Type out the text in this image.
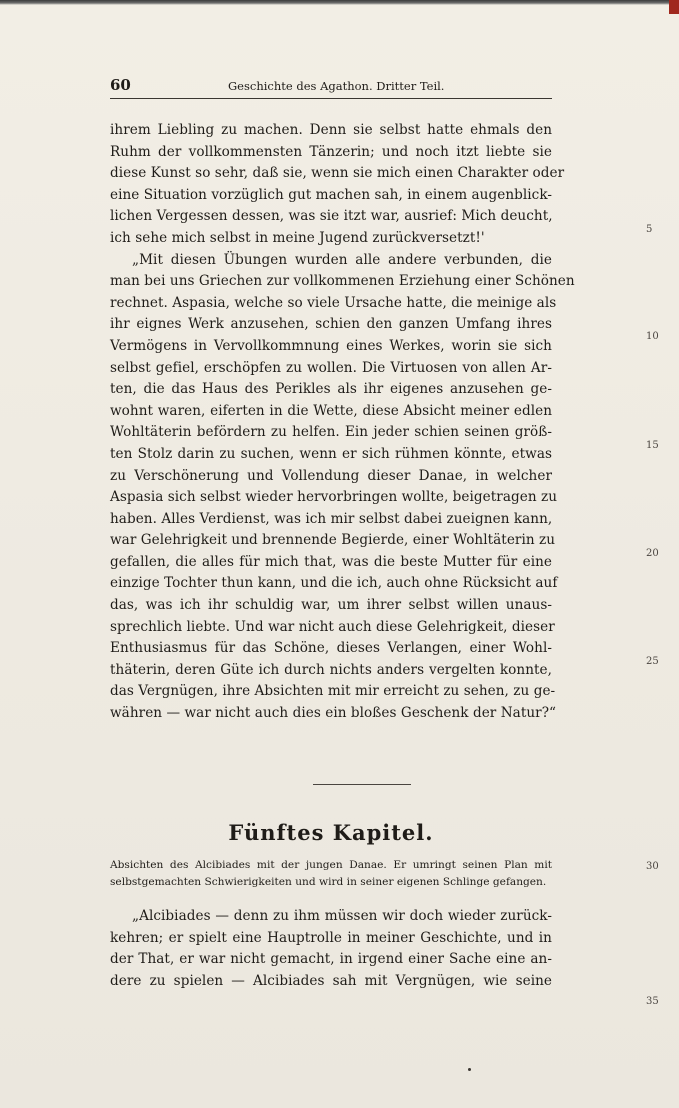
60	Geschichte des Agathon. Dritter Teil.
ihrem Liebling zu machen. Denn sie selbst hatte ehmals den
Ruhm der vollkommensten Tänzerin; und noch itzt liebte sie
diese Kunst so sehr, daß sie, wenn sie mich einen Charakter oder
eine Situation vorzüglich gut machen sah, in einem augenblick-
lichen Vergessen dessen, was sie itzt war, ausrief: Mich deucht,
ich sehe mich selbst in meine Jugend zurückversetzt!'
„Mit diesen Übungen wurden alle andere verbunden, die
man bei uns Griechen zur vollkommenen Erziehung einer Schönen
rechnet. Aspasia, welche so viele Ursache hatte, die meinige als
ihr eignes Werk anzusehen, schien den ganzen Umfang ihres
Vermögens in Vervollkommnung eines Werkes, worin sie sich
selbst gefiel, erschöpfen zu wollen. Die Virtuosen von allen Ar-
ten, die das Haus des Perikles als ihr eigenes anzusehen ge-
wohnt waren, eiferten in die Wette, diese Absicht meiner edlen
Wohltäterin befördern zu helfen. Ein jeder schien seinen größ-
ten Stolz darin zu suchen, wenn er sich rühmen könnte, etwas
zu Verschönerung und Vollendung dieser Danae, in welcher
Aspasia sich selbst wieder hervorbringen wollte, beigetragen zu
haben. Alles Verdienst, was ich mir selbst dabei zueignen kann,
war Gelehrigkeit und brennende Begierde, einer Wohltäterin zu
gefallen, die alles für mich that, was die beste Mutter für eine
einzige Tochter thun kann, und die ich, auch ohne Rücksicht auf
das, was ich ihr schuldig war, um ihrer selbst willen unaus-
sprechlich liebte. Und war nicht auch diese Gelehrigkeit, dieser
Enthusiasmus für das Schöne, dieses Verlangen, einer Wohl-
thäterin, deren Güte ich durch nichts anders vergelten konnte,
das Vergnügen, ihre Absichten mit mir erreicht zu sehen, zu ge-
währen — war nicht auch dies ein bloßes Geschenk der Natur?“
5
10
15
20
25
30
35
Fünftes Kapitel.
Absichten des Alcibiades mit der jungen Danae. Er umringt seinen Plan mit
selbstgemachten Schwierigkeiten und wird in seiner eigenen Schlinge gefangen.
„Alcibiades — denn zu ihm müssen wir doch wieder zurück-
kehren; er spielt eine Hauptrolle in meiner Geschichte, und in
der That, er war nicht gemacht, in irgend einer Sache eine an-
dere zu spielen — Alcibiades sah mit Vergnügen, wie seine
